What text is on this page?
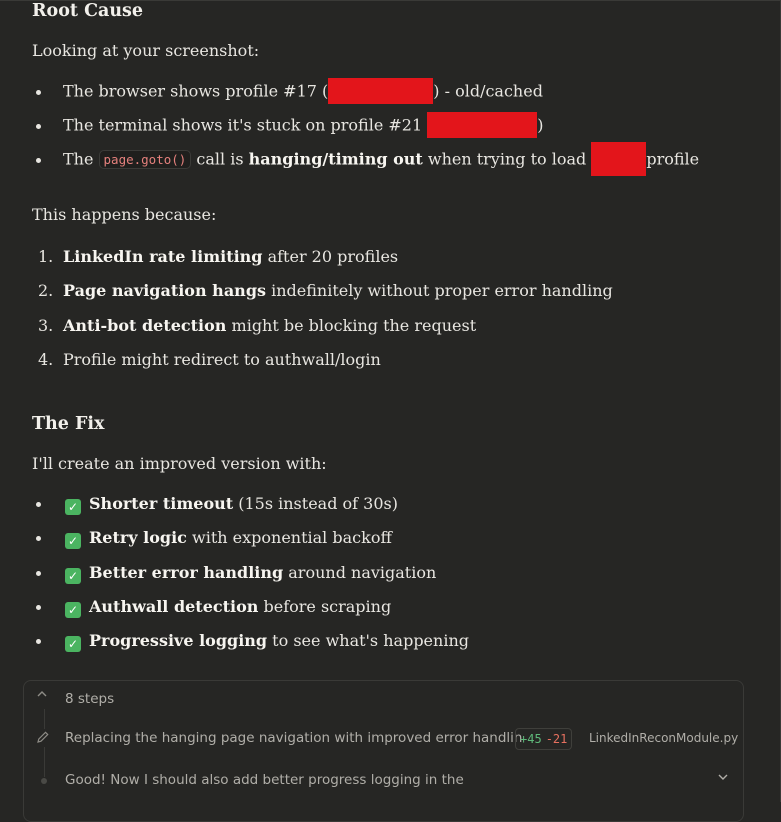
Root Cause
Looking at your screenshot:
The browser shows profile #17 (	) - old/cached
The terminal shows it's stuck on profile #21	)
The page.goto() call is hanging/timing out when trying to load	profile
This happens because:
1. LinkedIn rate limiting after 20 profiles
2. Page navigation hangs indefinitely without proper error handling
3. Anti-bot detection might be blocking the request
4. Profile might redirect to authwall/login
The Fix
I'll create an improved version with:
✓ Shorter timeout (15s instead of 30s)
✓ Retry logic with exponential backoff
✓ Better error handling around navigation
✓ Authwall detection before scraping
✓ Progressive logging to see what's happening
8 steps
Replacing the hanging page navigation with improved error handlin
+45 -21	LinkedInReconModule.py
Good! Now I should also add better progress logging in the
